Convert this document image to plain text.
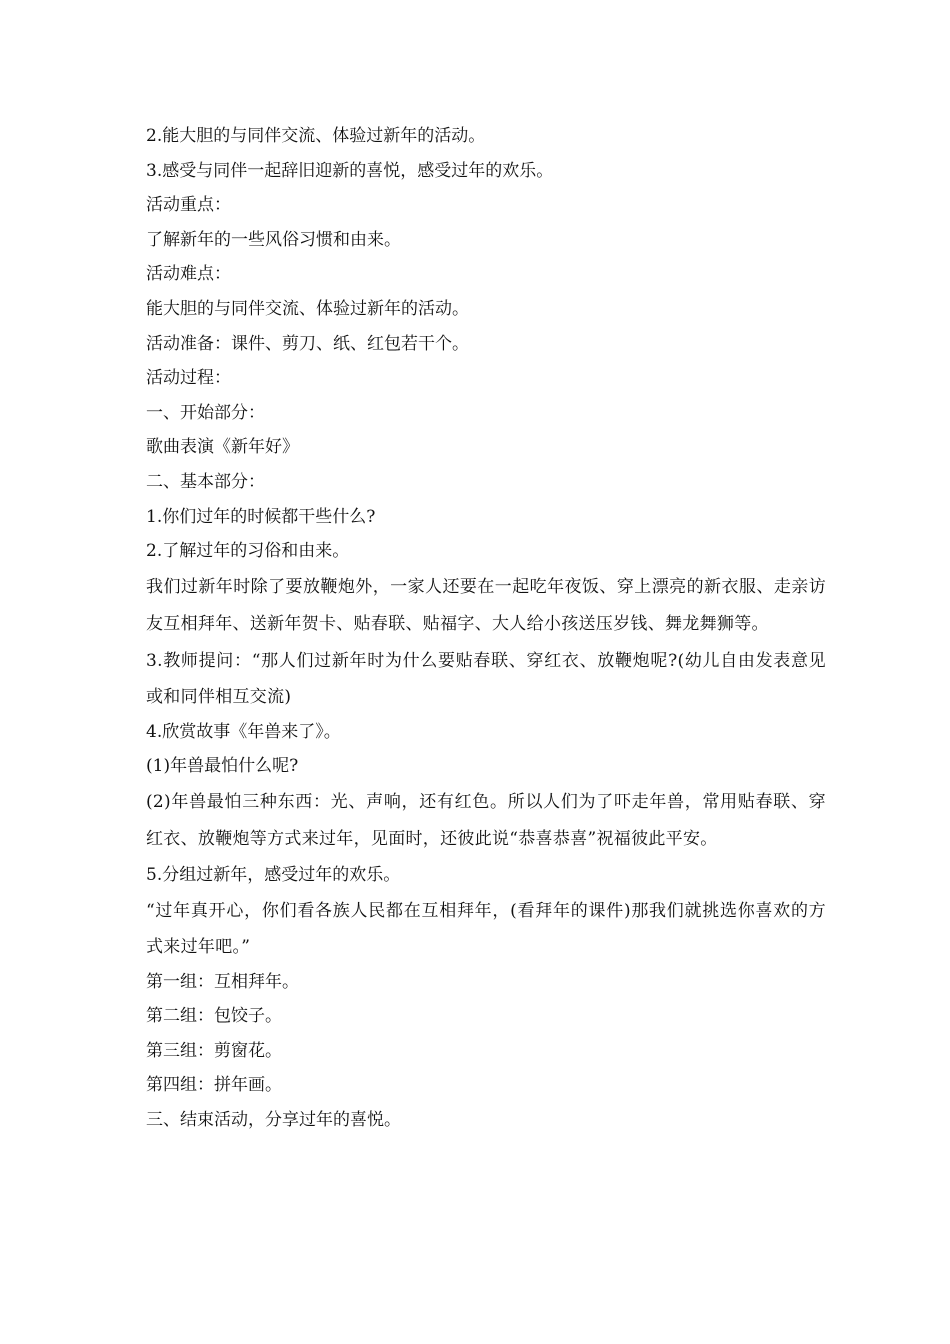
2.能大胆的与同伴交流、体验过新年的活动。

3.感受与同伴一起辞旧迎新的喜悦，感受过年的欢乐。

活动重点：

了解新年的一些风俗习惯和由来。

活动难点：

能大胆的与同伴交流、体验过新年的活动。

活动准备：课件、剪刀、纸、红包若干个。

活动过程：

一、开始部分：

歌曲表演《新年好》

二、基本部分：

1.你们过年的时候都干些什么?

2.了解过年的习俗和由来。

我们过新年时除了要放鞭炮外，一家人还要在一起吃年夜饭、穿上漂亮的新衣服、走亲访友互相拜年、送新年贺卡、贴春联、贴福字、大人给小孩送压岁钱、舞龙舞狮等。

3.教师提问：“那人们过新年时为什么要贴春联、穿红衣、放鞭炮呢?(幼儿自由发表意见或和同伴相互交流)

4.欣赏故事《年兽来了》。

(1)年兽最怕什么呢?

(2)年兽最怕三种东西：光、声响，还有红色。所以人们为了吓走年兽，常用贴春联、穿红衣、放鞭炮等方式来过年，见面时，还彼此说“恭喜恭喜”祝福彼此平安。

5.分组过新年，感受过年的欢乐。

“过年真开心，你们看各族人民都在互相拜年，(看拜年的课件)那我们就挑选你喜欢的方式来过年吧。”

第一组：互相拜年。

第二组：包饺子。

第三组：剪窗花。

第四组：拼年画。

三、结束活动，分享过年的喜悦。
